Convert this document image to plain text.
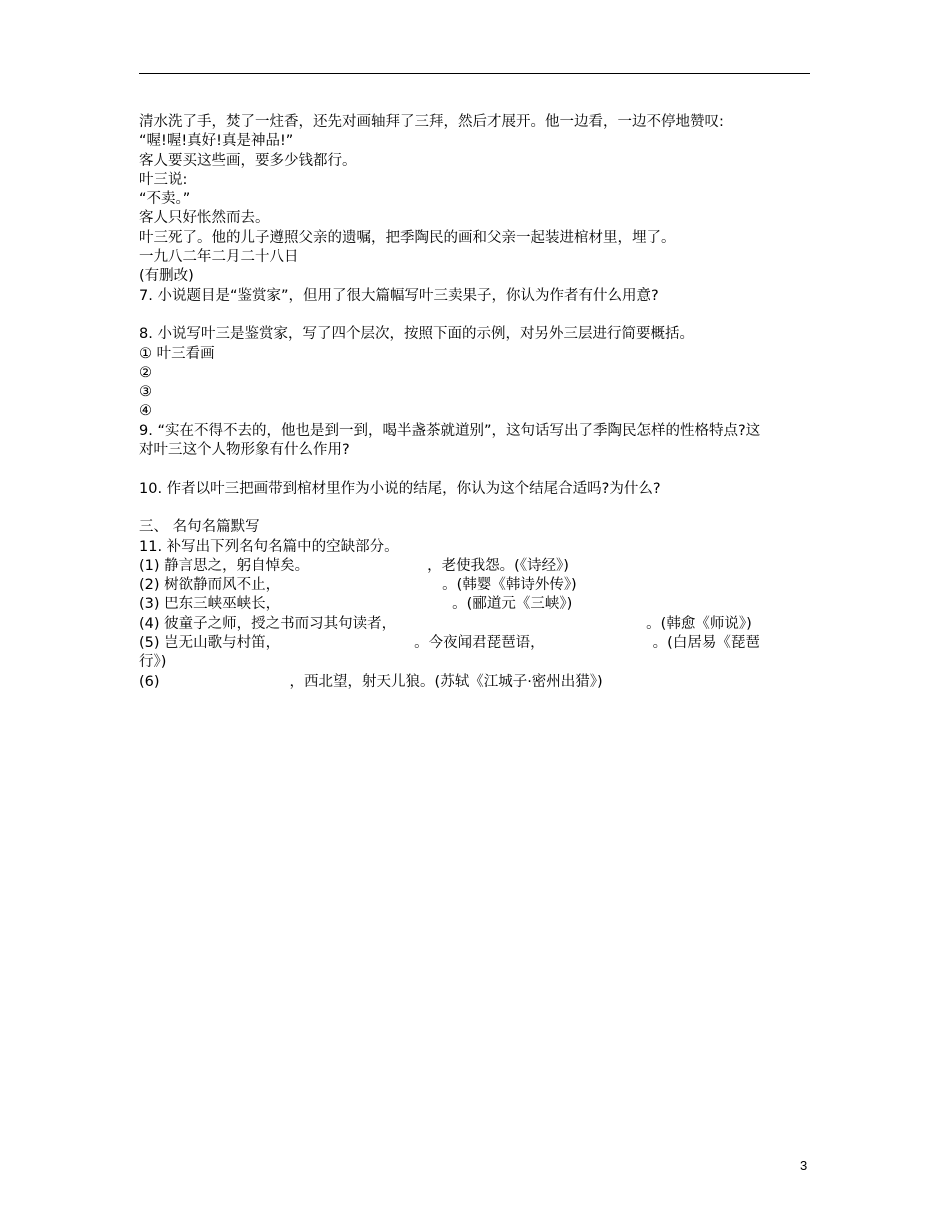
清水洗了手，焚了一炷香，还先对画轴拜了三拜，然后才展开。他一边看，一边不停地赞叹:

“喔!喔!真好!真是神品!”

客人要买这些画，要多少钱都行。

叶三说:

“不卖。”

客人只好怅然而去。

叶三死了。他的儿子遵照父亲的遗嘱，把季陶民的画和父亲一起装进棺材里，埋了。

一九八二年二月二十八日

(有删改)

7. 小说题目是“鉴赏家”，但用了很大篇幅写叶三卖果子，你认为作者有什么用意?

8. 小说写叶三是鉴赏家，写了四个层次，按照下面的示例，对另外三层进行简要概括。

① 叶三看画

②

③

④

9. “实在不得不去的，他也是到一到，喝半盏茶就道别”，这句话写出了季陶民怎样的性格特点?这

对叶三这个人物形象有什么作用?

10. 作者以叶三把画带到棺材里作为小说的结尾，你认为这个结尾合适吗?为什么?

三、 名句名篇默写

11. 补写出下列名句名篇中的空缺部分。

(1) 静言思之，躬自悼矣。	，老使我怨。(《诗经》)

(2) 树欲静而风不止，	。(韩婴《韩诗外传》)

(3) 巴东三峡巫峡长，	。(郦道元《三峡》)

(4) 彼童子之师，授之书而习其句读者，	。(韩愈《师说》)

(5) 岂无山歌与村笛，	。今夜闻君琵琶语，	。(白居易《琵琶

行》)

(6)	，西北望，射天儿狼。(苏轼《江城子·密州出猎》)

3
